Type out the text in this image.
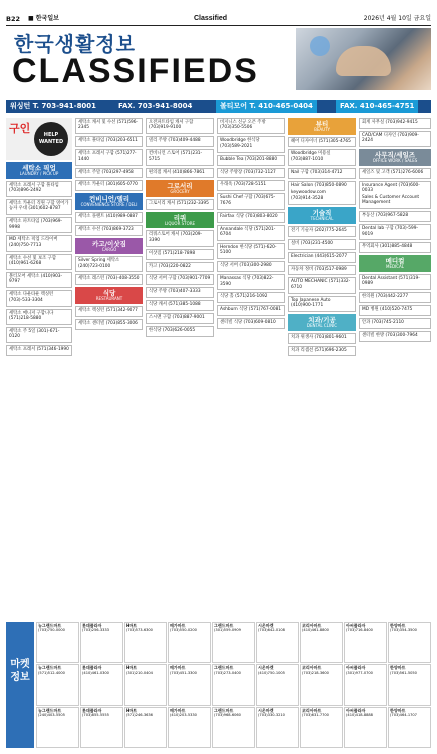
B22 ■ 한국일보	Classified	2026년 4월 10일 금요일
한국생활정보
CLASSIFIEDS
워싱턴 T. 703-941-8001	FAX. 703-941-8004	볼티모어 T. 410-465-0404	FAX. 410-465-4751
구인	HELP WANTED
세탁소 픽업
LAUNDRY / PICK UP

세탁소 프레서 구함 풀타임 (703)896-2492

세탁소 카운터 직원 구함 영어가능자 우대 (301)602-8787

세탁소 파트타임 (703)969-9998

MD 세탁소 픽업 드라이버 (240)750-7713

세탁소 수선 및 보조 구함 (410)961-6268

볼티모어 세탁소 (410)903-9797

세탁소 다운타운 렉싱턴 (703)-533-3304

세탁소 매니저 구합니다 (571)218-5880

세탁소 주 5일 (301)-671-0120

세탁소 프레서 (571)346-1990

세탁소 캐셔 및 수선 (571)596-2345

세탁소 풀타임 (703)203-6511

세탁소 프레서 구함 (571)277-1440

세탁소 주말 (703)297-4958

세탁소 카운터 (301)605-0770

컨비니언/델리
CONVENIENCE STORE / DELI

세탁소 플랜트 (410)989-0887

세탁소 수선 (703)869-3723

카고/이삿짐
CARGO

Silver Spring 세탁소 (240)723-0100

세탁소 레스턴 (703)-408-3550

식당
RESTAURANT

세탁소 렉싱턴 (571)342-9077

세탁소 센터빌 (703)855-3006

오전파트타임 캐셔 구함 (703)919-9100

델리 주방 (703)409-4488

컨비니언 스토어 (571)231-5715

편의점 캐셔 (410)866-7861

그로서리
GROCERY

그로서리 캐셔 (571)232-3395

리쿼
LIQUOR STORE

리쿼스토어 캐셔 (703)209-3390

이삿짐 (571)218-7898

카고 (703)220-0822

식당 서버 구함 (703)901-7709

식당 주방 (703)407-3333

식당 캐셔 (571)385-1088

스시맨 구함 (703)887-9001

한식당 (703)626-0055

비지니스 신규 오픈 주방 (703)350-5506

Woodbridge 한식당 (703)589-2021

Bubble Tea (703)201-8880

식당 주방장 (703)732-1127

우래옥 (703)728-5151

Sushi Chef 구함 (703)675-7676

Fairfax 식당 (703)803-8020

Annandale 식당 (571)201-6704

Herndon 한식당 (571)-620-5100

식당 서버 (703)300-2980

Manassas 식당 (703)822-3590

식당 홀 (571)216-1092

Ashburn 식당 (571)767-0081

센터빌 식당 (703)609-0810

뷰티
BEAUTY

헤어 디자이너 (571)305-4765

Woodbridge 미용실 (703)887-1010

Nail 구함 (703)314-4712

Hair Salon (703)850-0890

keywoodsw.com

(703)914-3528

기술직
TECHNICAL

전기 기술자 (202)775-2645

설비 (703)231-4500

Electrician (443)615-2077

자동차 정비 (703)517-0989

AUTO MECHANIC (571)332-6710

Top Japanese Auto (410)900-1771

치과/기공
DENTAL CLINIC

치과 위생사 (703)801-9601

치과 리셉션 (571)696-2305

회계 사무실 (703)942-9415

CAD/CAM 디자인 (703)909-2424

사무직/세일즈
OFFICE WORK / SALES

세일즈 및 고객 (571)276-6006

Insurance Agent (703)600-0033

Sales & Customer Account Management

부동산 (703)967-5828

Dental lab 구함 (703)-599-9019

무역회사 (301)885-4848

메디컬
MEDICAL

Dental Assistant (571)319-0989

한의원 (703)442-2277

MD 병원 (410)520-7475

안과 (703)745-2110

센터빌 한방 (703)300-7964

마켓 정보
뉴그랜드마트
(703)750-0000
롯데플라자
(703)256-3333
H마트
(703)573-6300
메가마트
(703)550-0200
그랜드마트
(301)559-0909
시온마켓
(703)642-0108
코리아마트
(410)461-8800
아씨플라자
(703)716-8400
한양마트
(703)354-3500
뉴그랜드마트
(571)512-4000
롯데플라자
(410)461-0300
H마트
(301)210-0404
메가마트
(703)451-3300
그랜드마트
(703)273-0400
시온마켓
(410)750-1005
코리아마트
(703)218-3600
아씨플라자
(301)977-0700
한양마트
(703)561-5050
뉴그랜드마트
(240)403-5505
롯데플라자
(703)855-5555
H마트
(571)246-3636
메가마트
(410)203-5330
그랜드마트
(703)968-6060
시온마켓
(703)330-3210
코리아마트
(703)631-7700
아씨플라자
(410)418-8888
한양마트
(703)464-1707
